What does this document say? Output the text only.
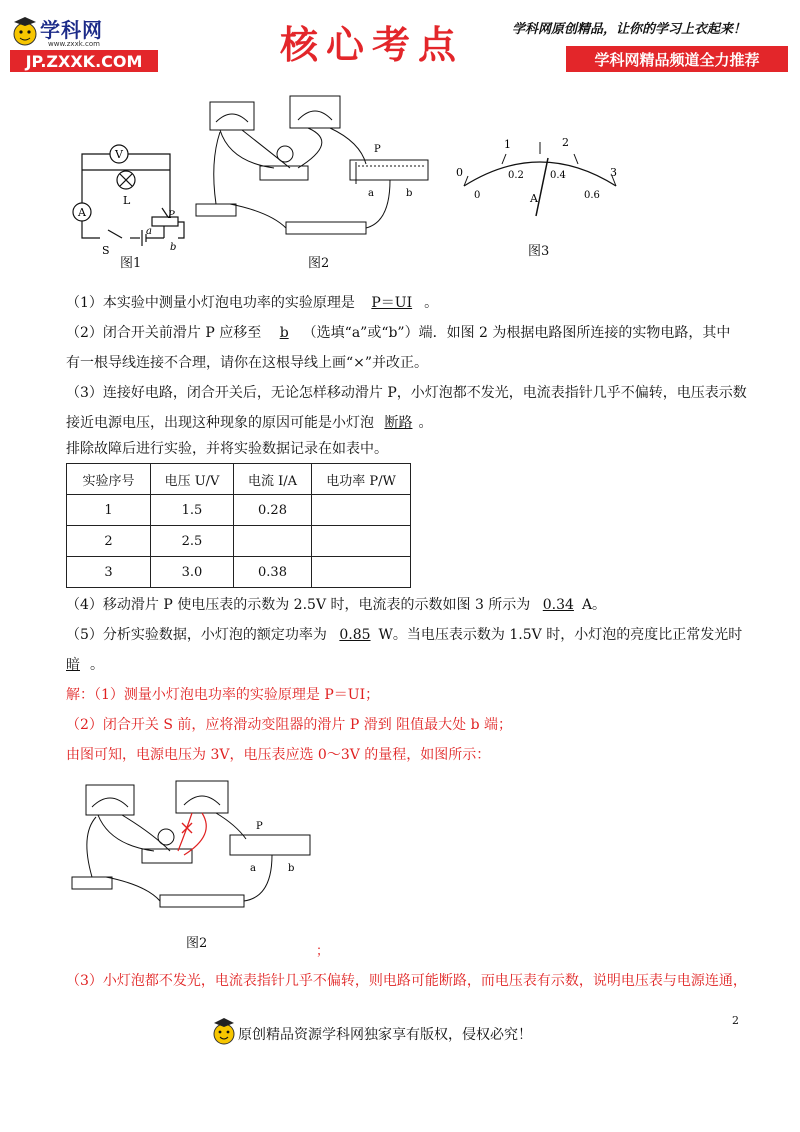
学科网
www.zxxk.com
JP.ZXXK.COM	核心考点	学科网原创精品，让你的学习上衣起来！
学科网精品频道全力推荐
V
A
L
S
P
a
b
图1
P
a	b
图2
0
1	2
3
0
0.2	0.4
0.6
A
图3
（1）本实验中测量小灯泡电功率的实验原理是 P＝UI 。
（2）闭合开关前滑片 P 应移至 b （选填“a”或“b”）端．如图 2 为根据电路图所连接的实物电路，其中
有一根导线连接不合理，请你在这根导线上画“×”并改正。
（3）连接好电路，闭合开关后，无论怎样移动滑片 P，小灯泡都不发光，电流表指针几乎不偏转，电压表示数
接近电源电压，出现这种现象的原因可能是小灯泡 断路 。
排除故障后进行实验，并将实验数据记录在如表中。
实验序号	电压 U/V	电流 I/A	电功率 P/W
1	1.5	0.28	
2	2.5		
3	3.0	0.38	
（4）移动滑片 P 使电压表的示数为 2.5V 时，电流表的示数如图 3 所示为 0.34 A。
（5）分析实验数据，小灯泡的额定功率为 0.85 W。当电压表示数为 1.5V 时，小灯泡的亮度比正常发光时
暗 。
解：（1）测量小灯泡电功率的实验原理是 P＝UI；
（2）闭合开关 S 前，应将滑动变阻器的滑片 P 滑到 阻值最大处 b 端；
由图可知，电源电压为 3V，电压表应选 0～3V 的量程，如图所示：
P
a	b
图2
；
（3）小灯泡都不发光，电流表指针几乎不偏转，则电路可能断路，而电压表有示数，说明电压表与电源连通，
原创精品资源学科网独家享有版权，侵权必究！
2
